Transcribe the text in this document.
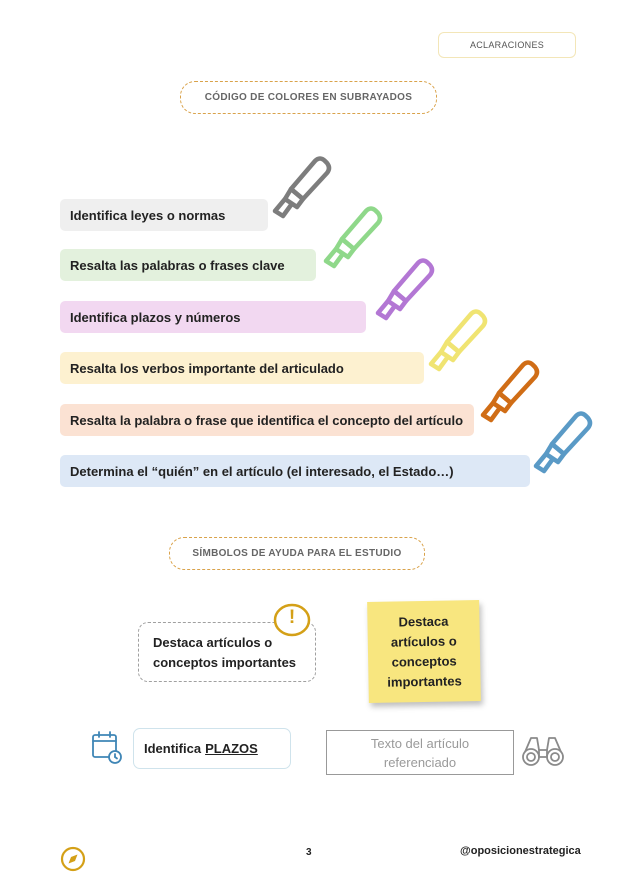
ACLARACIONES
CÓDIGO DE COLORES EN SUBRAYADOS
Identifica leyes o normas
Resalta las palabras o frases clave
Identifica plazos y números
Resalta los verbos importante del articulado
Resalta la palabra o frase que identifica el concepto del artículo
Determina el “quién” en el artículo (el interesado, el Estado…)
SÍMBOLOS DE AYUDA PARA EL ESTUDIO
Destaca artículos o conceptos importantes
!	Destaca artículos o conceptos importantes
Identifica PLAZOS	Texto del artículo referenciado
3	@oposicionestrategica
